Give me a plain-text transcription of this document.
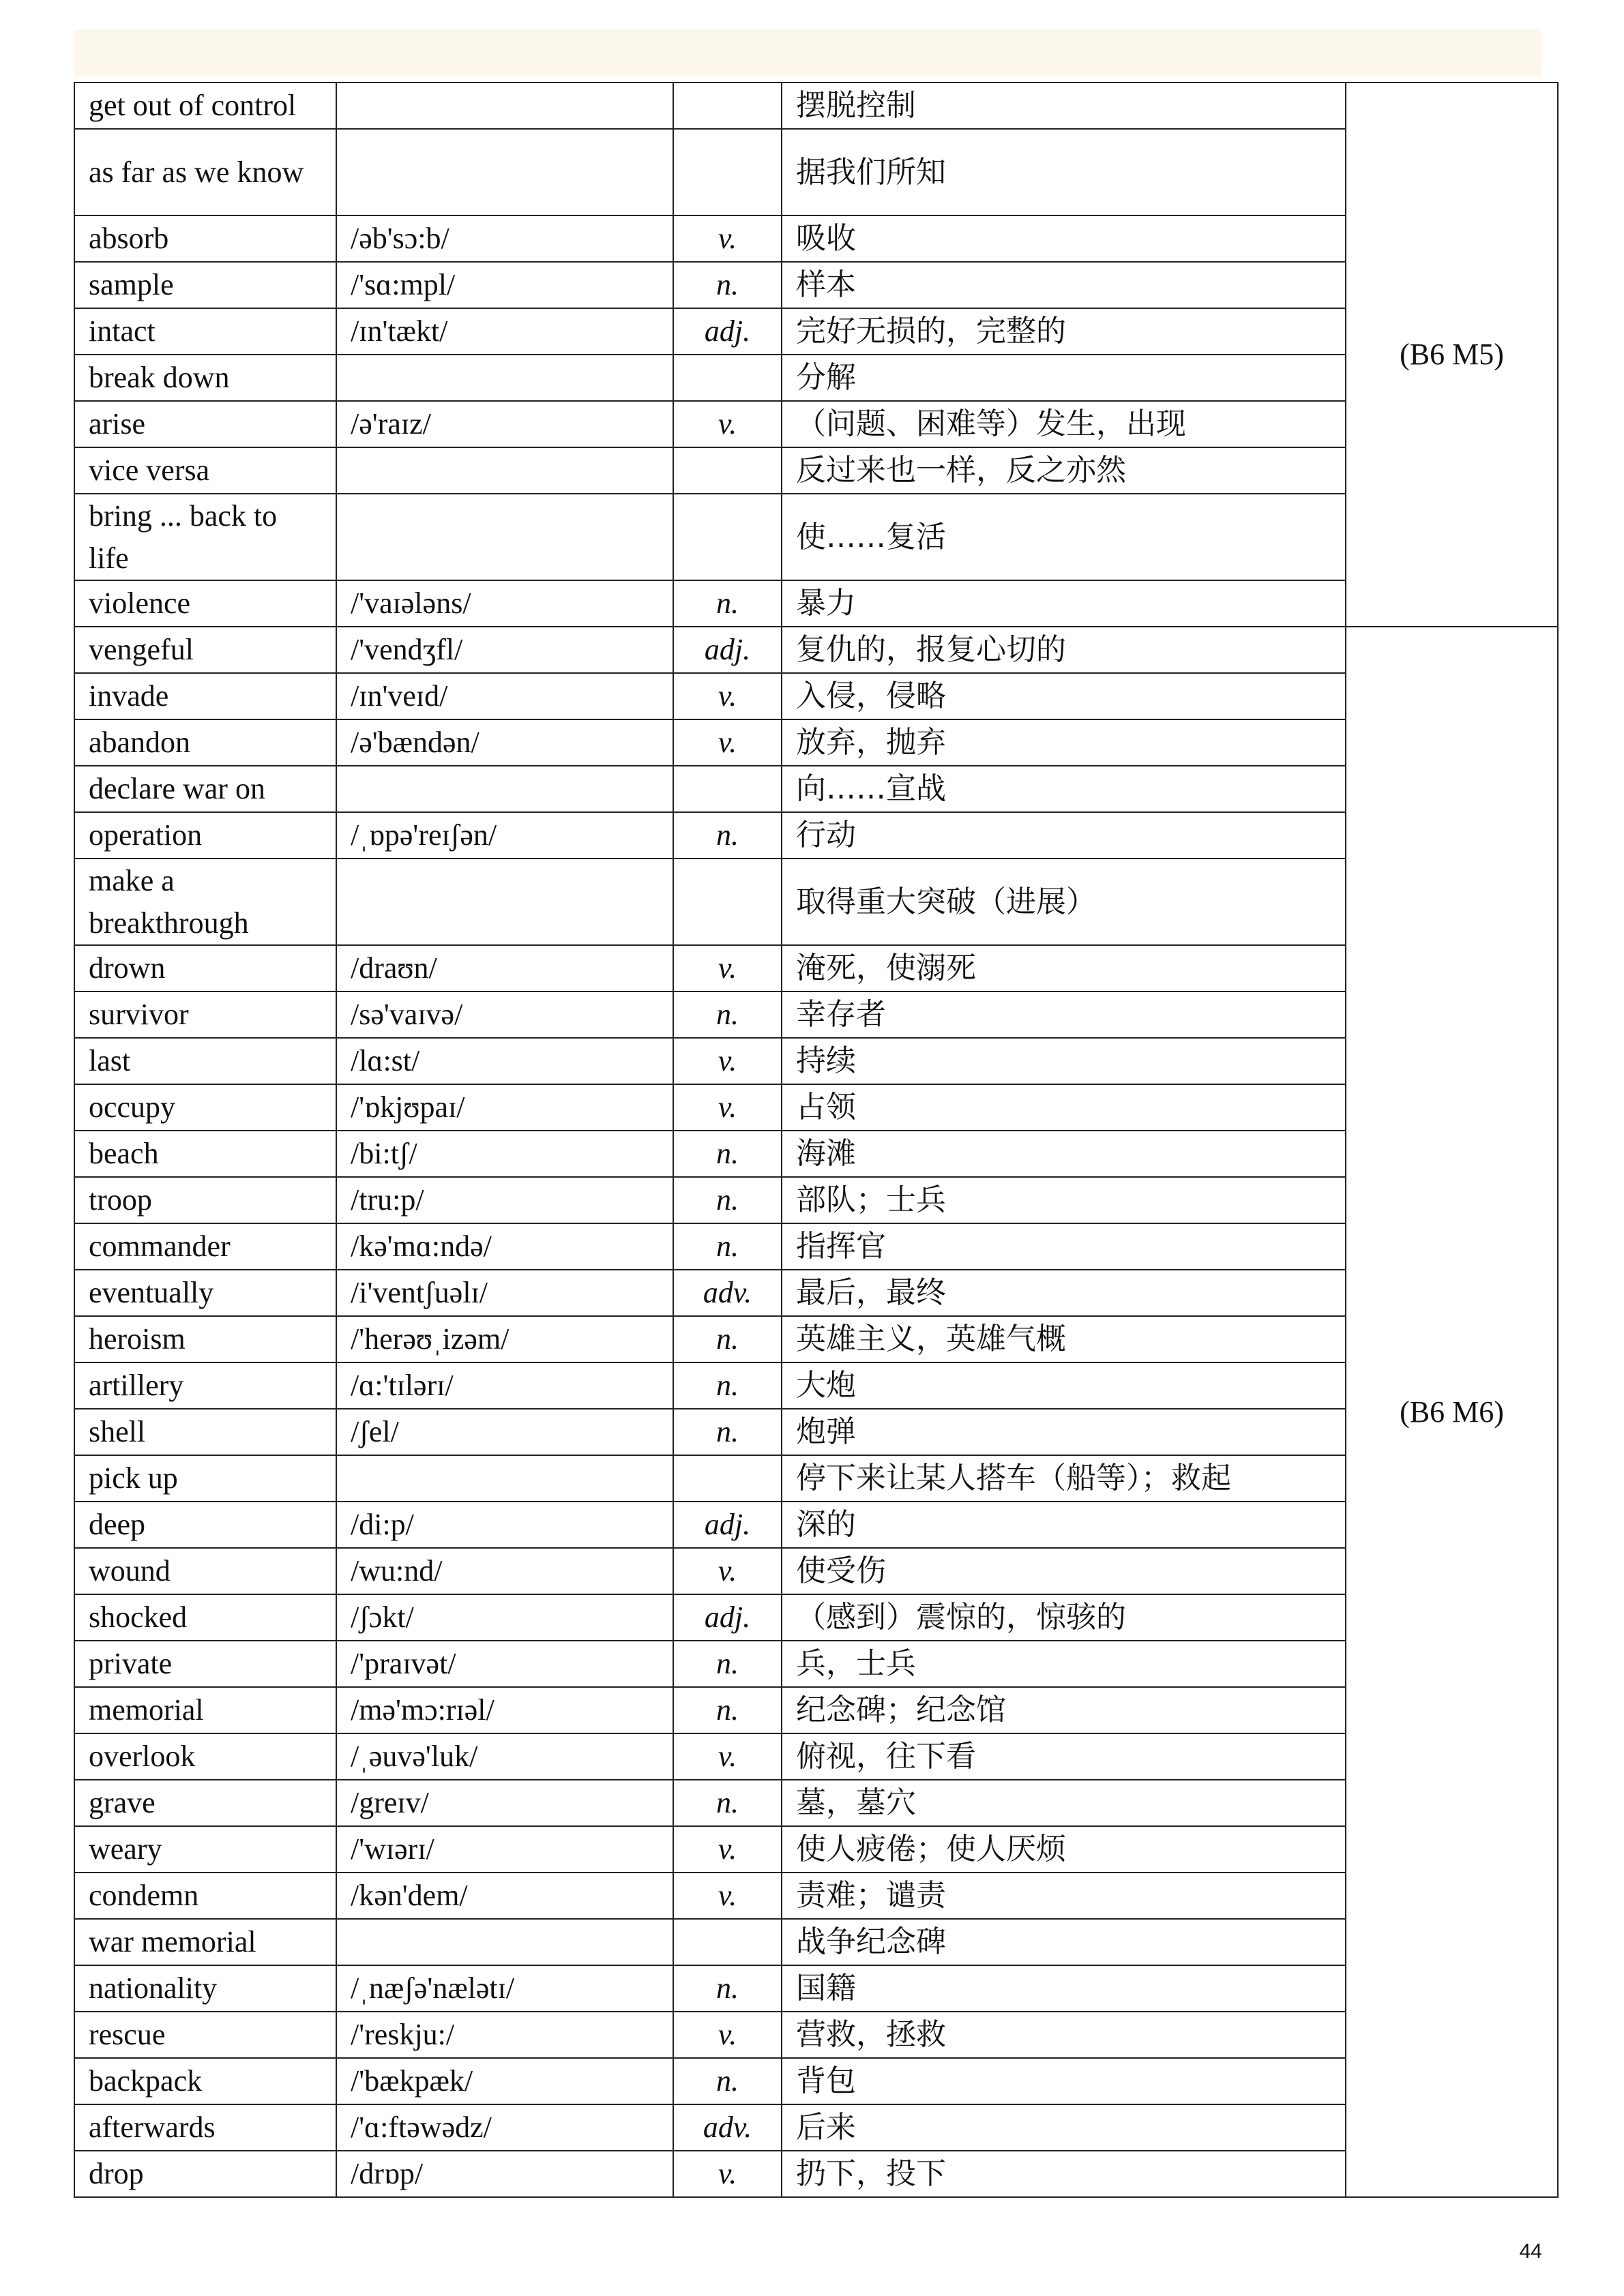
get out of control			摆脱控制	(B6 M5)
as far as we know			据我们所知	
absorb	/əb'sɔ:b/	v.	吸收	
sample	/'sɑ:mpl/	n.	样本	
intact	/ɪn'tækt/	adj.	完好无损的，完整的	
break down			分解	
arise	/ə'raɪz/	v.	（问题、困难等）发生，出现	
vice versa			反过来也一样，反之亦然	
bring ... back to life			使……复活	
violence	/'vaɪələns/	n.	暴力	
vengeful	/'vendʒfl/	adj.	复仇的，报复心切的	(B6 M6)
invade	/ɪn'veɪd/	v.	入侵，侵略	
abandon	/ə'bændən/	v.	放弃，抛弃	
declare war on			向……宣战	
operation	/ˌɒpə'reɪʃən/	n.	行动	
make a breakthrough			取得重大突破（进展）	
drown	/draʊn/	v.	淹死，使溺死	
survivor	/sə'vaɪvə/	n.	幸存者	
last	/lɑ:st/	v.	持续	
occupy	/'ɒkjʊpaɪ/	v.	占领	
beach	/bi:tʃ/	n.	海滩	
troop	/tru:p/	n.	部队；士兵	
commander	/kə'mɑ:ndə/	n.	指挥官	
eventually	/i'ventʃuəlɪ/	adv.	最后，最终	
heroism	/'herəʊˌizəm/	n.	英雄主义，英雄气概	
artillery	/ɑ:'tɪlərɪ/	n.	大炮	
shell	/ʃel/	n.	炮弹	
pick up			停下来让某人搭车（船等）；救起	
deep	/di:p/	adj.	深的	
wound	/wu:nd/	v.	使受伤	
shocked	/ʃɔkt/	adj.	（感到）震惊的，惊骇的	
private	/'praɪvət/	n.	兵，士兵	
memorial	/mə'mɔ:rɪəl/	n.	纪念碑；纪念馆	
overlook	/ˌəuvə'luk/	v.	俯视，往下看	
grave	/greɪv/	n.	墓，墓穴	
weary	/'wɪərɪ/	v.	使人疲倦；使人厌烦	
condemn	/kən'dem/	v.	责难；谴责	
war memorial			战争纪念碑	
nationality	/ˌnæʃə'nælətɪ/	n.	国籍	
rescue	/'reskju:/	v.	营救，拯救	
backpack	/'bækpæk/	n.	背包	
afterwards	/'ɑ:ftəwədz/	adv.	后来	
drop	/drɒp/	v.	扔下，投下	
44
